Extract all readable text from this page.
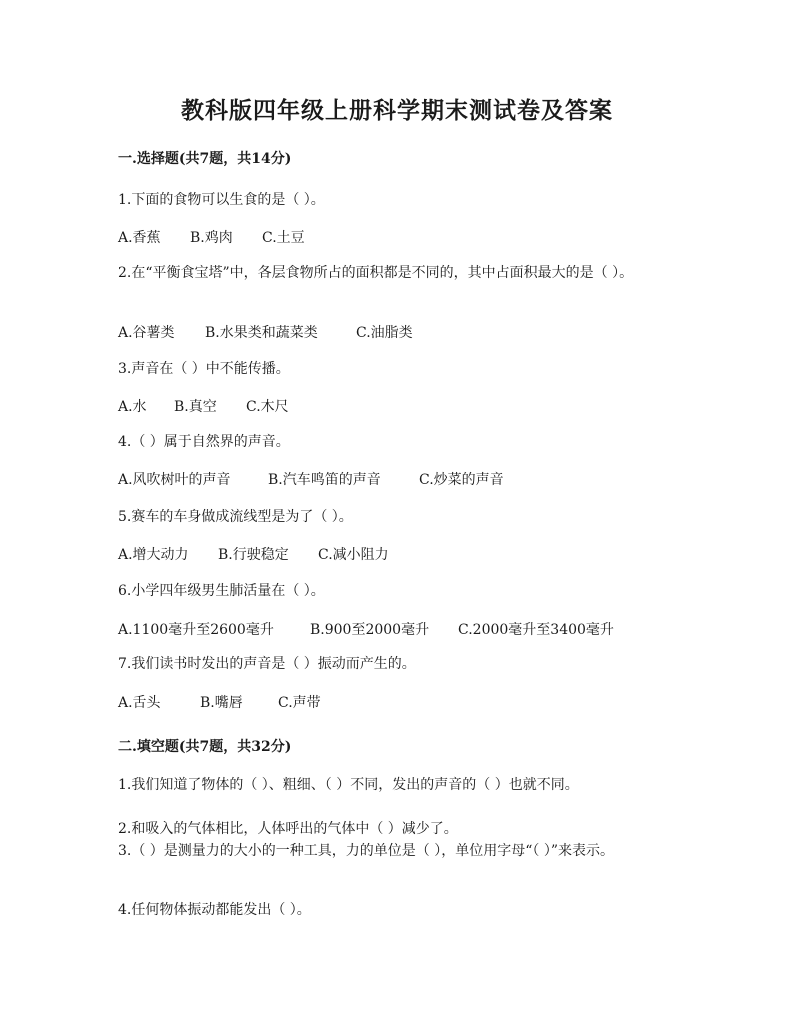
教科版四年级上册科学期末测试卷及答案
一.选择题(共7题，共14分)
1.下面的食物可以生食的是（ ）。
A.香蕉 B.鸡肉 C.土豆
2.在“平衡食宝塔”中，各层食物所占的面积都是不同的，其中占面积最大的是（ ）。
A.谷薯类 B.水果类和蔬菜类	C.油脂类
3.声音在（ ）中不能传播。
A.水 B.真空 C.木尺
4.（ ）属于自然界的声音。
A.风吹树叶的声音	B.汽车鸣笛的声音	C.炒菜的声音
5.赛车的车身做成流线型是为了（ ）。
A.增大动力 B.行驶稳定 C.减小阻力
6.小学四年级男生肺活量在（ ）。
A.1100毫升至2600毫升	B.900至2000毫升 C.2000毫升至3400毫升
7.我们读书时发出的声音是（ ）振动而产生的。
A.舌头	B.嘴唇	C.声带
二.填空题(共7题，共32分)
1.我们知道了物体的（ ）、粗细、（ ）不同，发出的声音的（ ）也就不同。
2.和吸入的气体相比，人体呼出的气体中（ ）减少了。
3.（ ）是测量力的大小的一种工具，力的单位是（ ），单位用字母“（ ）”来表示。
4.任何物体振动都能发出（ ）。
